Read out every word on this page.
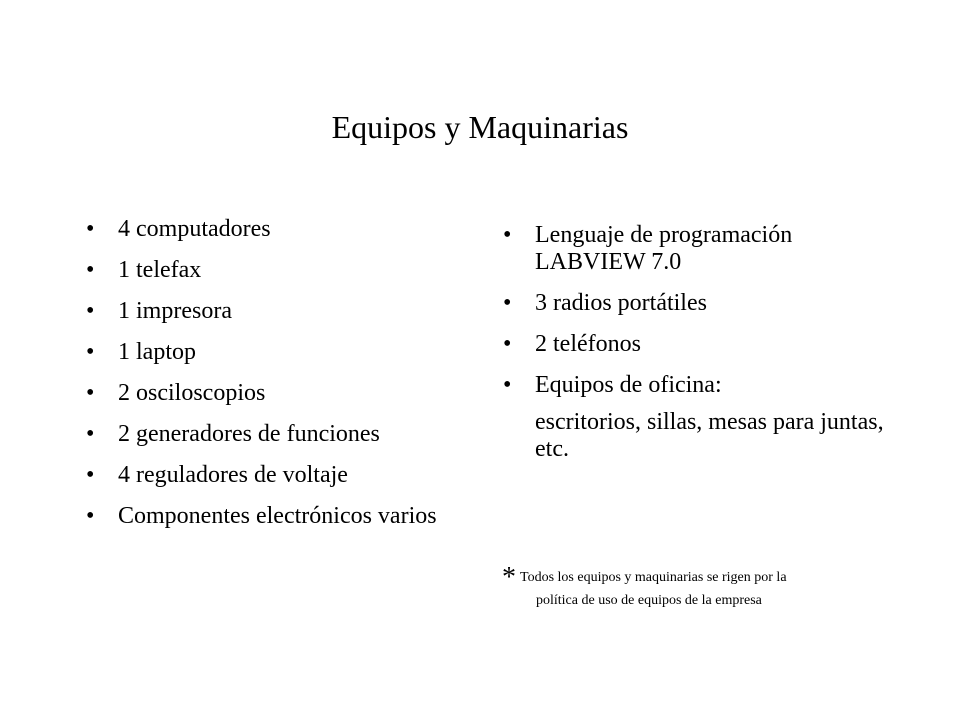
Equipos y Maquinarias
• 4 computadores
• 1 telefax
• 1 impresora
• 1 laptop
• 2 osciloscopios
• 2 generadores de funciones
• 4 reguladores de voltaje
• Componentes electrónicos varios
• Lenguaje de programación LABVIEW 7.0
• 3 radios portátiles
• 2 teléfonos
• Equipos de oficina:
escritorios, sillas, mesas para juntas, etc.
* Todos los equipos y maquinarias se rigen por la
política de uso de equipos de la empresa
